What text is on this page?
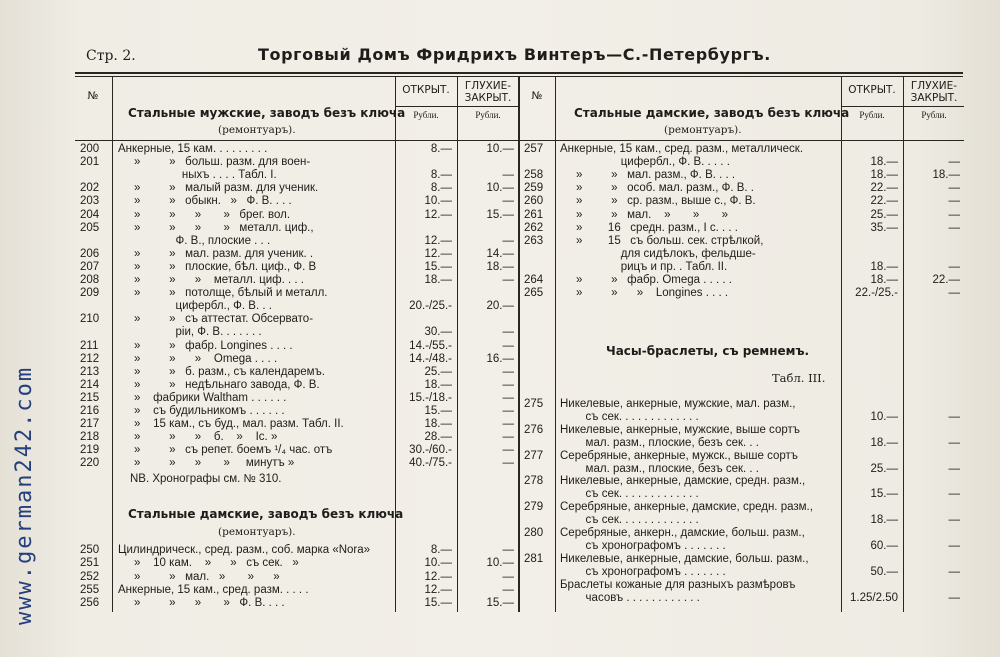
Стр. 2.	Торговый Домъ Фридрихъ Винтеръ—С.-Петербургъ.
№	ОТКРЫТ.	ГЛУХИЕ-ЗАКРЫТ.
Рубли.	Рубли.
№	ОТКРЫТ.	ГЛУХИЕ-ЗАКРЫТ.
Рубли.	Рубли.
Стальные мужские, заводъ безъ ключа
(ремонтуаръ).
Стальные дамские, заводъ безъ ключа
(ремонтуаръ).
NB. Хронографы см. № 310.
Стальные дамские, заводъ безъ ключа
(ремонтуаръ).
Часы-браслеты, съ ремнемъ.
Табл. III.
200	Анкерные, 15 кам. . . . . . . . .	8.—	10.—
201	»         »   больш. разм. для воен-
ныхъ . . . . Табл. I.	8.—	—
202	»         »   малый разм. для ученик.	8.—	10.—
203	»         »   обыкн.   »   Ф. В. . . .	10.—	—
204	»         »      »       »   брег. вол.	12.—	15.—
205	»         »      »       »   металл. циф.,
Ф. В., плоские . . .	12.—	—
206	»         »   мал. разм. для ученик. .	12.—	14.—
207	»         »   плоские, бѣл. циф., Ф. В	15.—	18.—
208	»         »      »    металл. циф. . . .	18.—	—
209	»         »   потолще, бѣлый и металл.
цифербл., Ф. В. . .	20.-/25.-	20.—
210	»         »   съ аттестат. Обсервато-
рiи, Ф. В. . . . . . .	30.—	—
211	»         »   фабр. Longines . . . .	14.-/55.-	—
212	»         »      »    Omega . . . .	14.-/48.-	16.—
213	»         »   б. разм., съ календаремъ.	25.—	—
214	»         »   недѣльнаго завода, Ф. В.	18.—	—
215	»    фабрики Waltham . . . . . .	15.-/18.-	—
216	»    съ будильникомъ . . . . . .	15.—	—
217	»    15 кам., съ буд., мал. разм. Табл. II.	18.—	—
218	»         »      »    б.    »    Ic. »	28.—	—
219	»         »   съ репет. боемъ ¹/₄ час. отъ	30.-/60.-	—
220	»         »      »       »     минутъ »	40.-/75.-	—
250	Цилиндрическ., сред. разм., соб. марка «Nora»	8.—	—
251	»    10 кам.    »      »   съ сек.   »	10.—	10.—
252	»         »   мал.   »       »      »	12.—	—
255	Анкерные, 15 кам., сред. разм. . . . .	12.—	—
256	»         »      »       »   Ф. В. . . .	15.—	15.—
257	Анкерные, 15 кам., сред. разм., металлическ.
цифербл., Ф. В. . . . .	18.—	—
258	»         »   мал. разм., Ф. В. . . .	18.—	18.—
259	»         »   особ. мал. разм., Ф. В. .	22.—	—
260	»         »   ср. разм., выше с., Ф. В.	22.—	—
261	»         »   мал.    »       »       »	25.—	—
262	»        16   средн. разм., I с. . . .	35.—	—
263	»        15   съ больш. сек. стрѣлкой,
для сидѣлокъ, фельдше-
рицъ и пр. . Табл. II.	18.—	—
264	»         »   фабр. Omega . . . . .	18.—	22.—
265	»         »      »    Longines . . . .	22.-/25.-	—
275	Никелевые, анкерные, мужские, мал. разм.,
съ сек. . . . . . . . . . . . .	10.—	—
276	Никелевые, анкерные, мужские, выше сортъ
мал. разм., плоские, безъ сек. . .	18.—	—
277	Серебряные, анкерные, мужск., выше сортъ
мал. разм., плоские, безъ сек. . .	25.—	—
278	Никелевые, анкерные, дамские, средн. разм.,
съ сек. . . . . . . . . . . . .	15.—	—
279	Серебряные, анкерные, дамские, средн. разм.,
съ сек. . . . . . . . . . . . .	18.—	—
280	Серебряные, анкерн., дамские, больш. разм.,
съ хронографомъ . . . . . . .	60.—	—
281	Никелевые, анкерные, дамские, больш. разм.,
съ хронографомъ . . . . . . .	50.—	—
Браслеты кожаные для разныхъ размѣровъ
часовъ . . . . . . . . . . . .	1.25/2.50	—
www.german242.com
